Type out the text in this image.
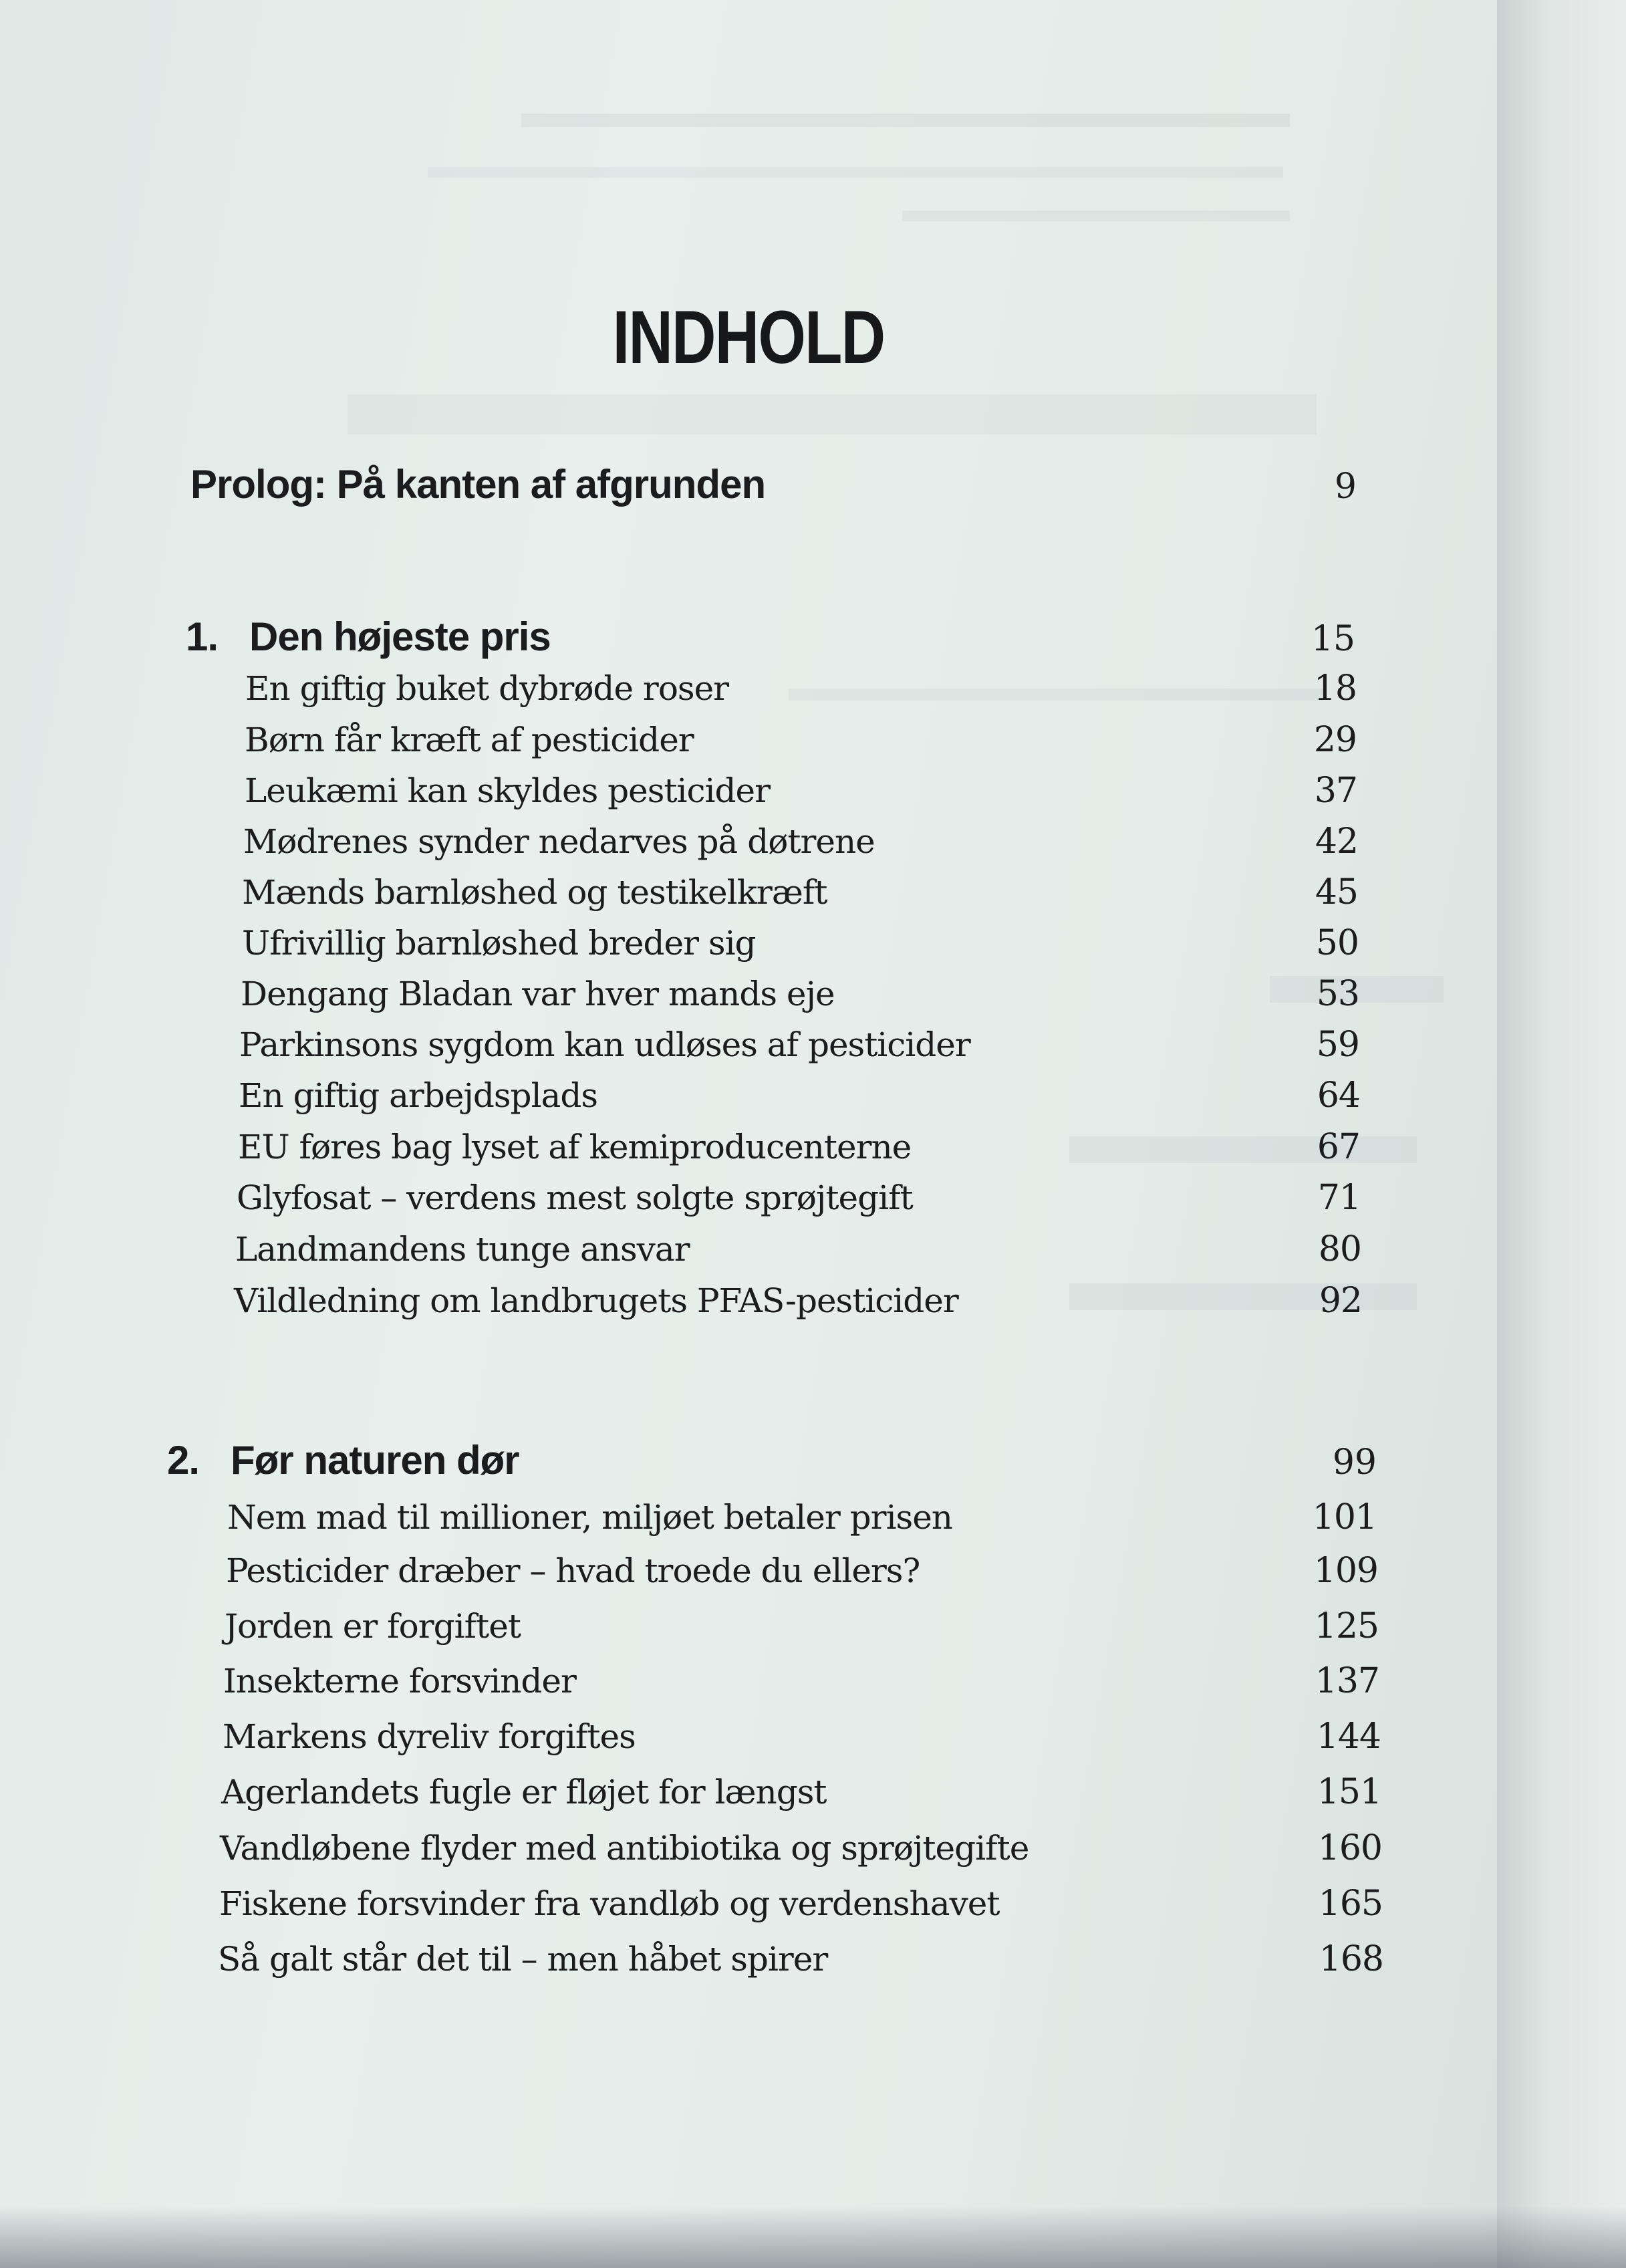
INDHOLD
Prolog: På kanten af afgrunden	9
1. Den højeste pris	15
En giftig buket dybrøde roser	18
Børn får kræft af pesticider	29
Leukæmi kan skyldes pesticider	37
Mødrenes synder nedarves på døtrene	42
Mænds barnløshed og testikelkræft	45
Ufrivillig barnløshed breder sig	50
Dengang Bladan var hver mands eje	53
Parkinsons sygdom kan udløses af pesticider	59
En giftig arbejdsplads	64
EU føres bag lyset af kemiproducenterne	67
Glyfosat – verdens mest solgte sprøjtegift	71
Landmandens tunge ansvar	80
Vildledning om landbrugets PFAS-pesticider	92
2. Før naturen dør	99
Nem mad til millioner, miljøet betaler prisen	101
Pesticider dræber – hvad troede du ellers?	109
Jorden er forgiftet	125
Insekterne forsvinder	137
Markens dyreliv forgiftes	144
Agerlandets fugle er fløjet for længst	151
Vandløbene flyder med antibiotika og sprøjtegifte	160
Fiskene forsvinder fra vandløb og verdenshavet	165
Så galt står det til – men håbet spirer	168
